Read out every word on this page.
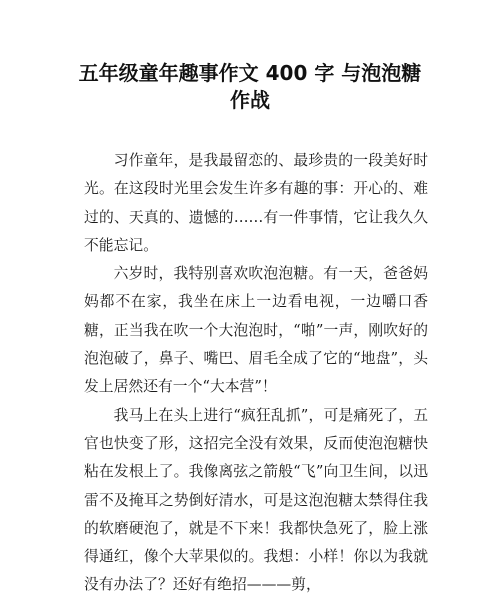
五年级童年趣事作文 400 字 与泡泡糖
作战

习作童年，是我最留恋的、最珍贵的一段美好时光。在这段时光里会发生许多有趣的事：开心的、难过的、天真的、遗憾的……有一件事情，它让我久久不能忘记。

六岁时，我特别喜欢吹泡泡糖。有一天，爸爸妈妈都不在家，我坐在床上一边看电视，一边嚼口香糖，正当我在吹一个大泡泡时，“啪”一声，刚吹好的泡泡破了，鼻子、嘴巴、眉毛全成了它的“地盘”，头发上居然还有一个“大本营”！

我马上在头上进行“疯狂乱抓”，可是痛死了，五官也快变了形，这招完全没有效果，反而使泡泡糖快粘在发根上了。我像离弦之箭般“飞”向卫生间，以迅雷不及掩耳之势倒好清水，可是这泡泡糖太禁得住我的软磨硬泡了，就是不下来！我都快急死了，脸上涨得通红，像个大苹果似的。我想：小样！你以为我就没有办法了？还好有绝招———剪，
